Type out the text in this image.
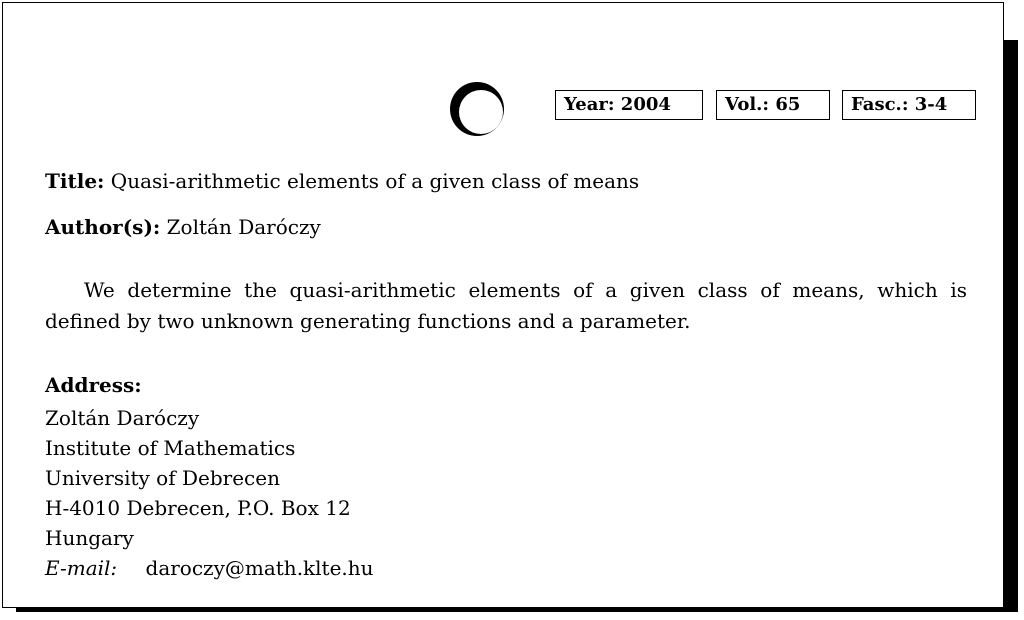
Year: 2004	Vol.: 65	Fasc.: 3-4
Title: Quasi-arithmetic elements of a given class of means
Author(s): Zoltán Daróczy

We determine the quasi-arithmetic elements of a given class of means, which is defined by two unknown generating functions and a parameter.

Address:
Zoltán Daróczy
Institute of Mathematics
University of Debrecen
H-4010 Debrecen, P.O. Box 12
Hungary
E-mail: daroczy@math.klte.hu
